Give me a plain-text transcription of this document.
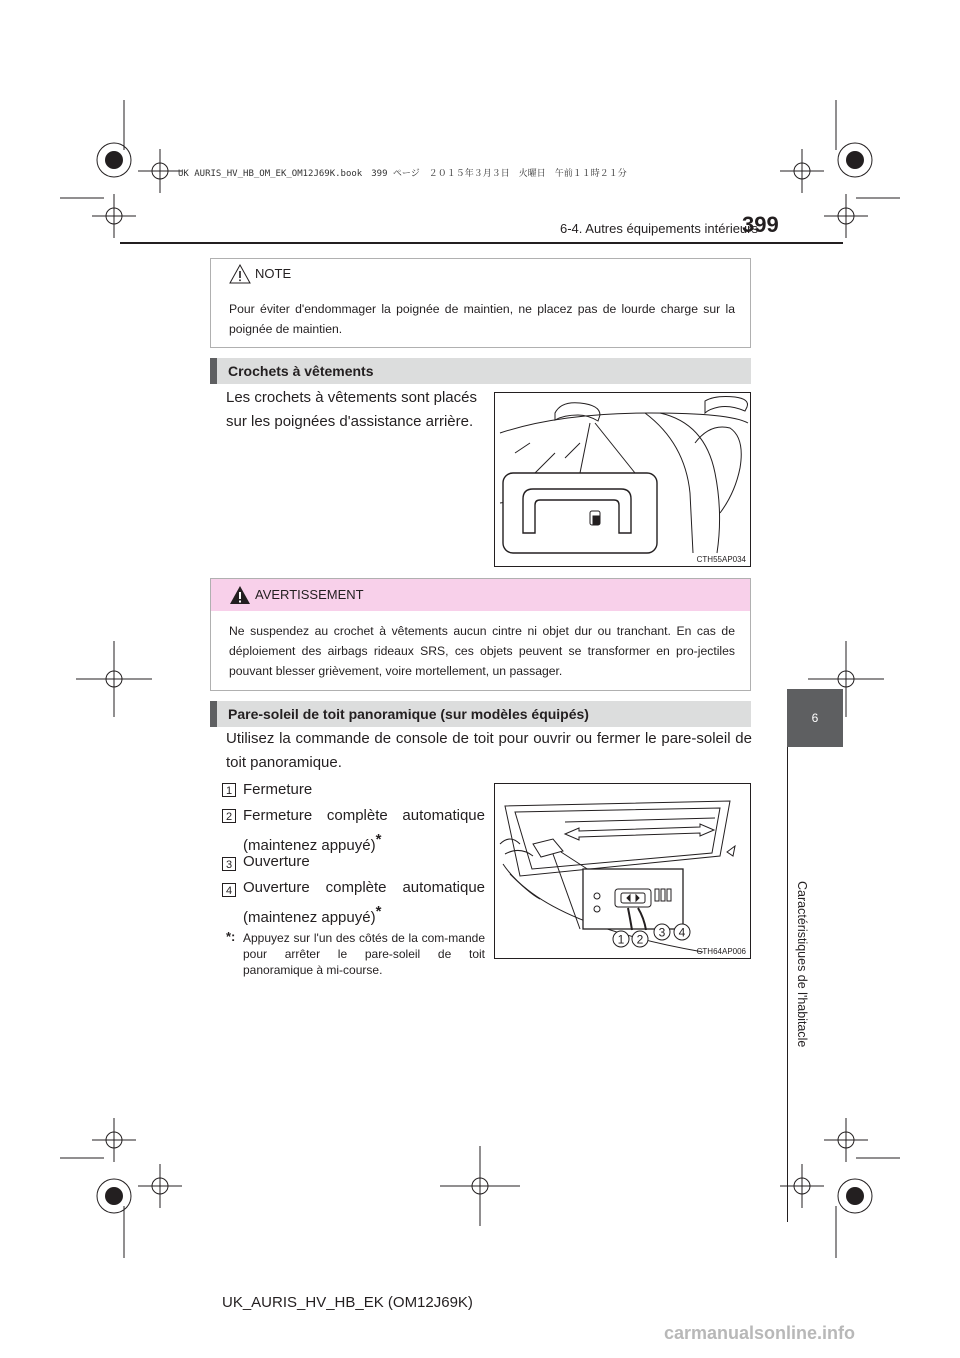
UK AURIS_HV_HB_OM_EK_OM12J69K.book　399 ページ　２０１５年３月３日　火曜日　午前１１時２１分
6-4. Autres équipements intérieurs
399
6
Caractéristiques de l'habitacle
NOTE
Pour éviter d'endommager la poignée de maintien, ne placez pas de lourde charge sur la poignée de maintien.
Crochets à vêtements
Les crochets à vêtements sont placés sur les poignées d'assistance arrière.
CTH55AP034
AVERTISSEMENT
Ne suspendez au crochet à vêtements aucun cintre ni objet dur ou tranchant. En cas de déploiement des airbags rideaux SRS, ces objets peuvent se transformer en pro-jectiles pouvant blesser grièvement, voire mortellement, un passager.
Pare-soleil de toit panoramique (sur modèles équipés)
Utilisez la commande de console de toit pour ouvrir ou fermer le pare-soleil de toit panoramique.
1 Fermeture
2 Fermeture complète automatique (maintenez appuyé)*
3 Ouverture
4 Ouverture complète automatique (maintenez appuyé)*
*: Appuyez sur l'un des côtés de la com-mande pour arrêter le pare-soleil de toit panoramique à mi-course.
1 2 3 4
CTH64AP006
UK_AURIS_HV_HB_EK (OM12J69K)
carmanualsonline.info
